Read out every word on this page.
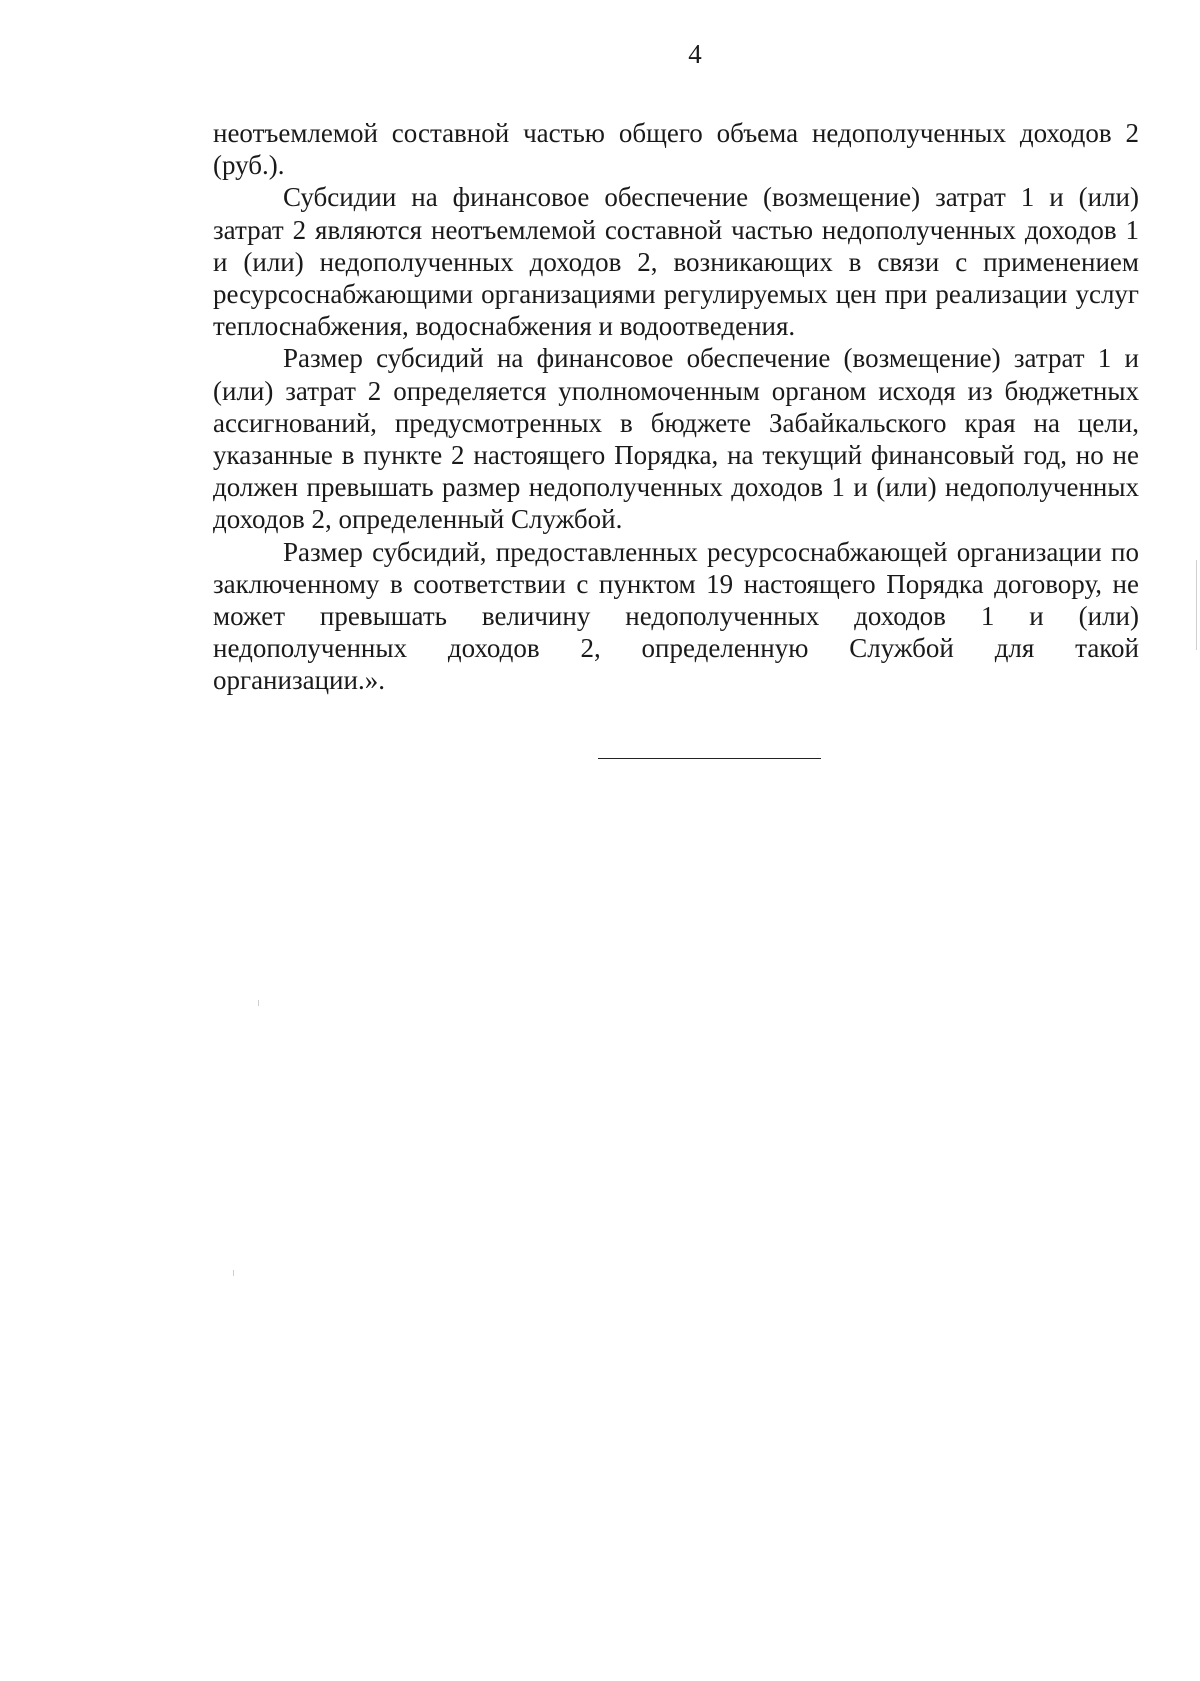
4

неотъемлемой составной частью общего объема недополученных доходов 2 (руб.).

Субсидии на финансовое обеспечение (возмещение) затрат 1 и (или) затрат 2 являются неотъемлемой составной частью недополученных доходов 1 и (или) недополученных доходов 2, возникающих в связи с применением ресурсоснабжающими организациями регулируемых цен при реализации услуг теплоснабжения, водоснабжения и водоотведения.

Размер субсидий на финансовое обеспечение (возмещение) затрат 1 и (или) затрат 2 определяется уполномоченным органом исходя из бюджетных ассигнований, предусмотренных в бюджете Забайкальского края на цели, указанные в пункте 2 настоящего Порядка, на текущий финансовый год, но не должен превышать размер недополученных доходов 1 и (или) недополученных доходов 2, определенный Службой.

Размер субсидий, предоставленных ресурсоснабжающей организации по заключенному в соответствии с пунктом 19 настоящего Порядка договору, не может превышать величину недополученных доходов 1 и (или) недополученных доходов 2, определенную Службой для такой

организации.».
